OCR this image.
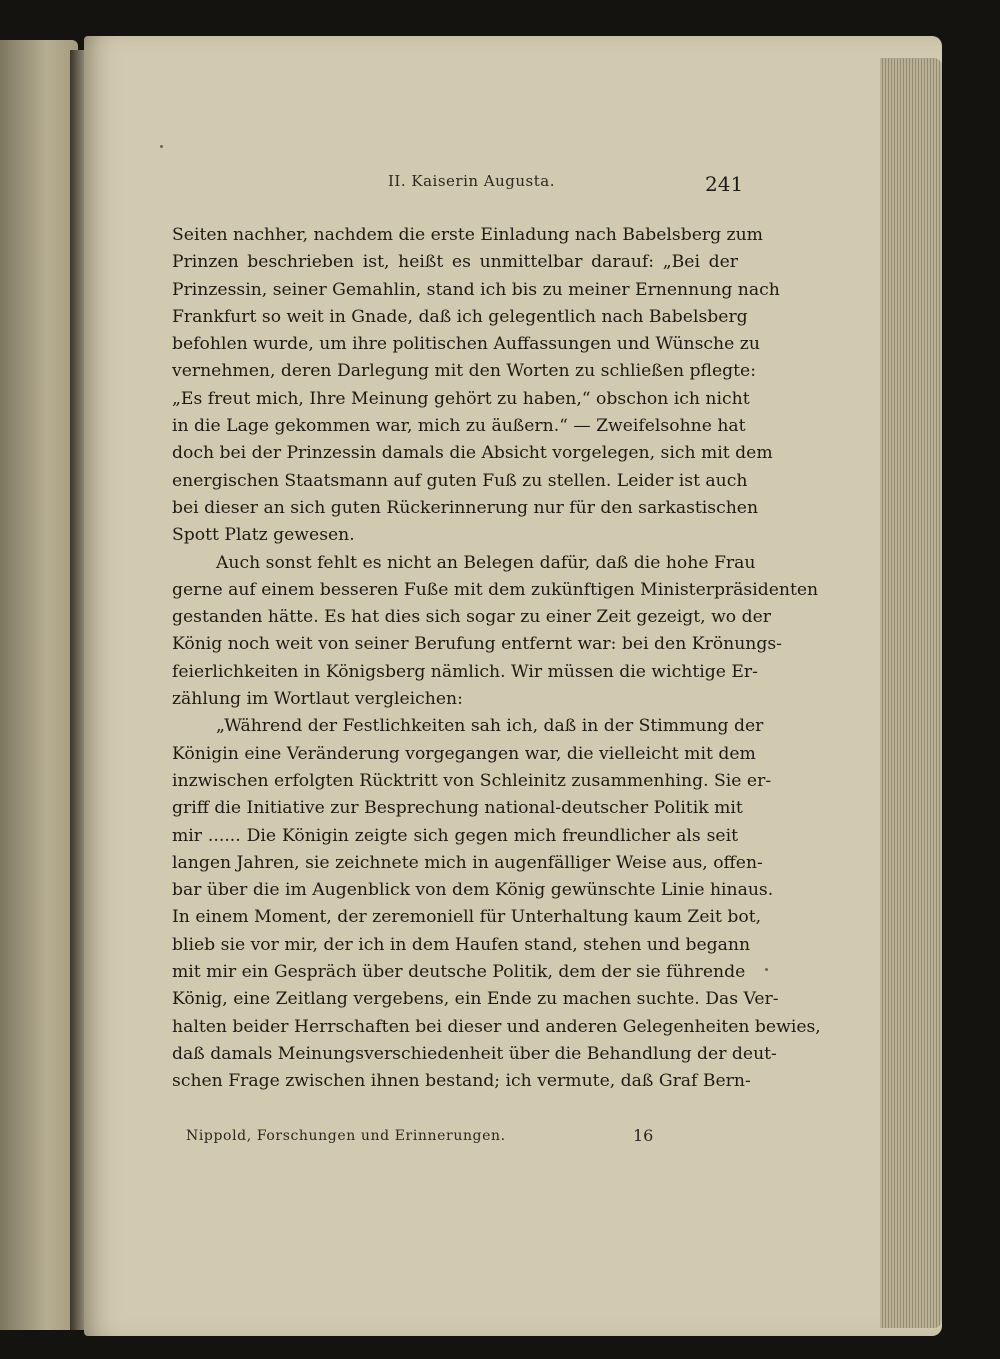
II. Kaiserin Augusta.	241
Seiten nachher, nachdem die erste Einladung nach Babelsberg zum
Prinzen beschrieben ist, heißt es unmittelbar darauf: „Bei der
Prinzessin, seiner Gemahlin, stand ich bis zu meiner Ernennung nach
Frankfurt so weit in Gnade, daß ich gelegentlich nach Babelsberg
befohlen wurde, um ihre politischen Auffassungen und Wünsche zu
vernehmen, deren Darlegung mit den Worten zu schließen pflegte:
„Es freut mich, Ihre Meinung gehört zu haben,“ obschon ich nicht
in die Lage gekommen war, mich zu äußern.“ — Zweifelsohne hat
doch bei der Prinzessin damals die Absicht vorgelegen, sich mit dem
energischen Staatsmann auf guten Fuß zu stellen. Leider ist auch
bei dieser an sich guten Rückerinnerung nur für den sarkastischen
Spott Platz gewesen.
Auch sonst fehlt es nicht an Belegen dafür, daß die hohe Frau
gerne auf einem besseren Fuße mit dem zukünftigen Ministerpräsidenten
gestanden hätte. Es hat dies sich sogar zu einer Zeit gezeigt, wo der
König noch weit von seiner Berufung entfernt war: bei den Krönungs-
feierlichkeiten in Königsberg nämlich. Wir müssen die wichtige Er-
zählung im Wortlaut vergleichen:
„Während der Festlichkeiten sah ich, daß in der Stimmung der
Königin eine Veränderung vorgegangen war, die vielleicht mit dem
inzwischen erfolgten Rücktritt von Schleinitz zusammenhing. Sie er-
griff die Initiative zur Besprechung national-deutscher Politik mit
mir ...... Die Königin zeigte sich gegen mich freundlicher als seit
langen Jahren, sie zeichnete mich in augenfälliger Weise aus, offen-
bar über die im Augenblick von dem König gewünschte Linie hinaus.
In einem Moment, der zeremoniell für Unterhaltung kaum Zeit bot,
blieb sie vor mir, der ich in dem Haufen stand, stehen und begann
mit mir ein Gespräch über deutsche Politik, dem der sie führende
König, eine Zeitlang vergebens, ein Ende zu machen suchte. Das Ver-
halten beider Herrschaften bei dieser und anderen Gelegenheiten bewies,
daß damals Meinungsverschiedenheit über die Behandlung der deut-
schen Frage zwischen ihnen bestand; ich vermute, daß Graf Bern-
Nippold, Forschungen und Erinnerungen.	16
